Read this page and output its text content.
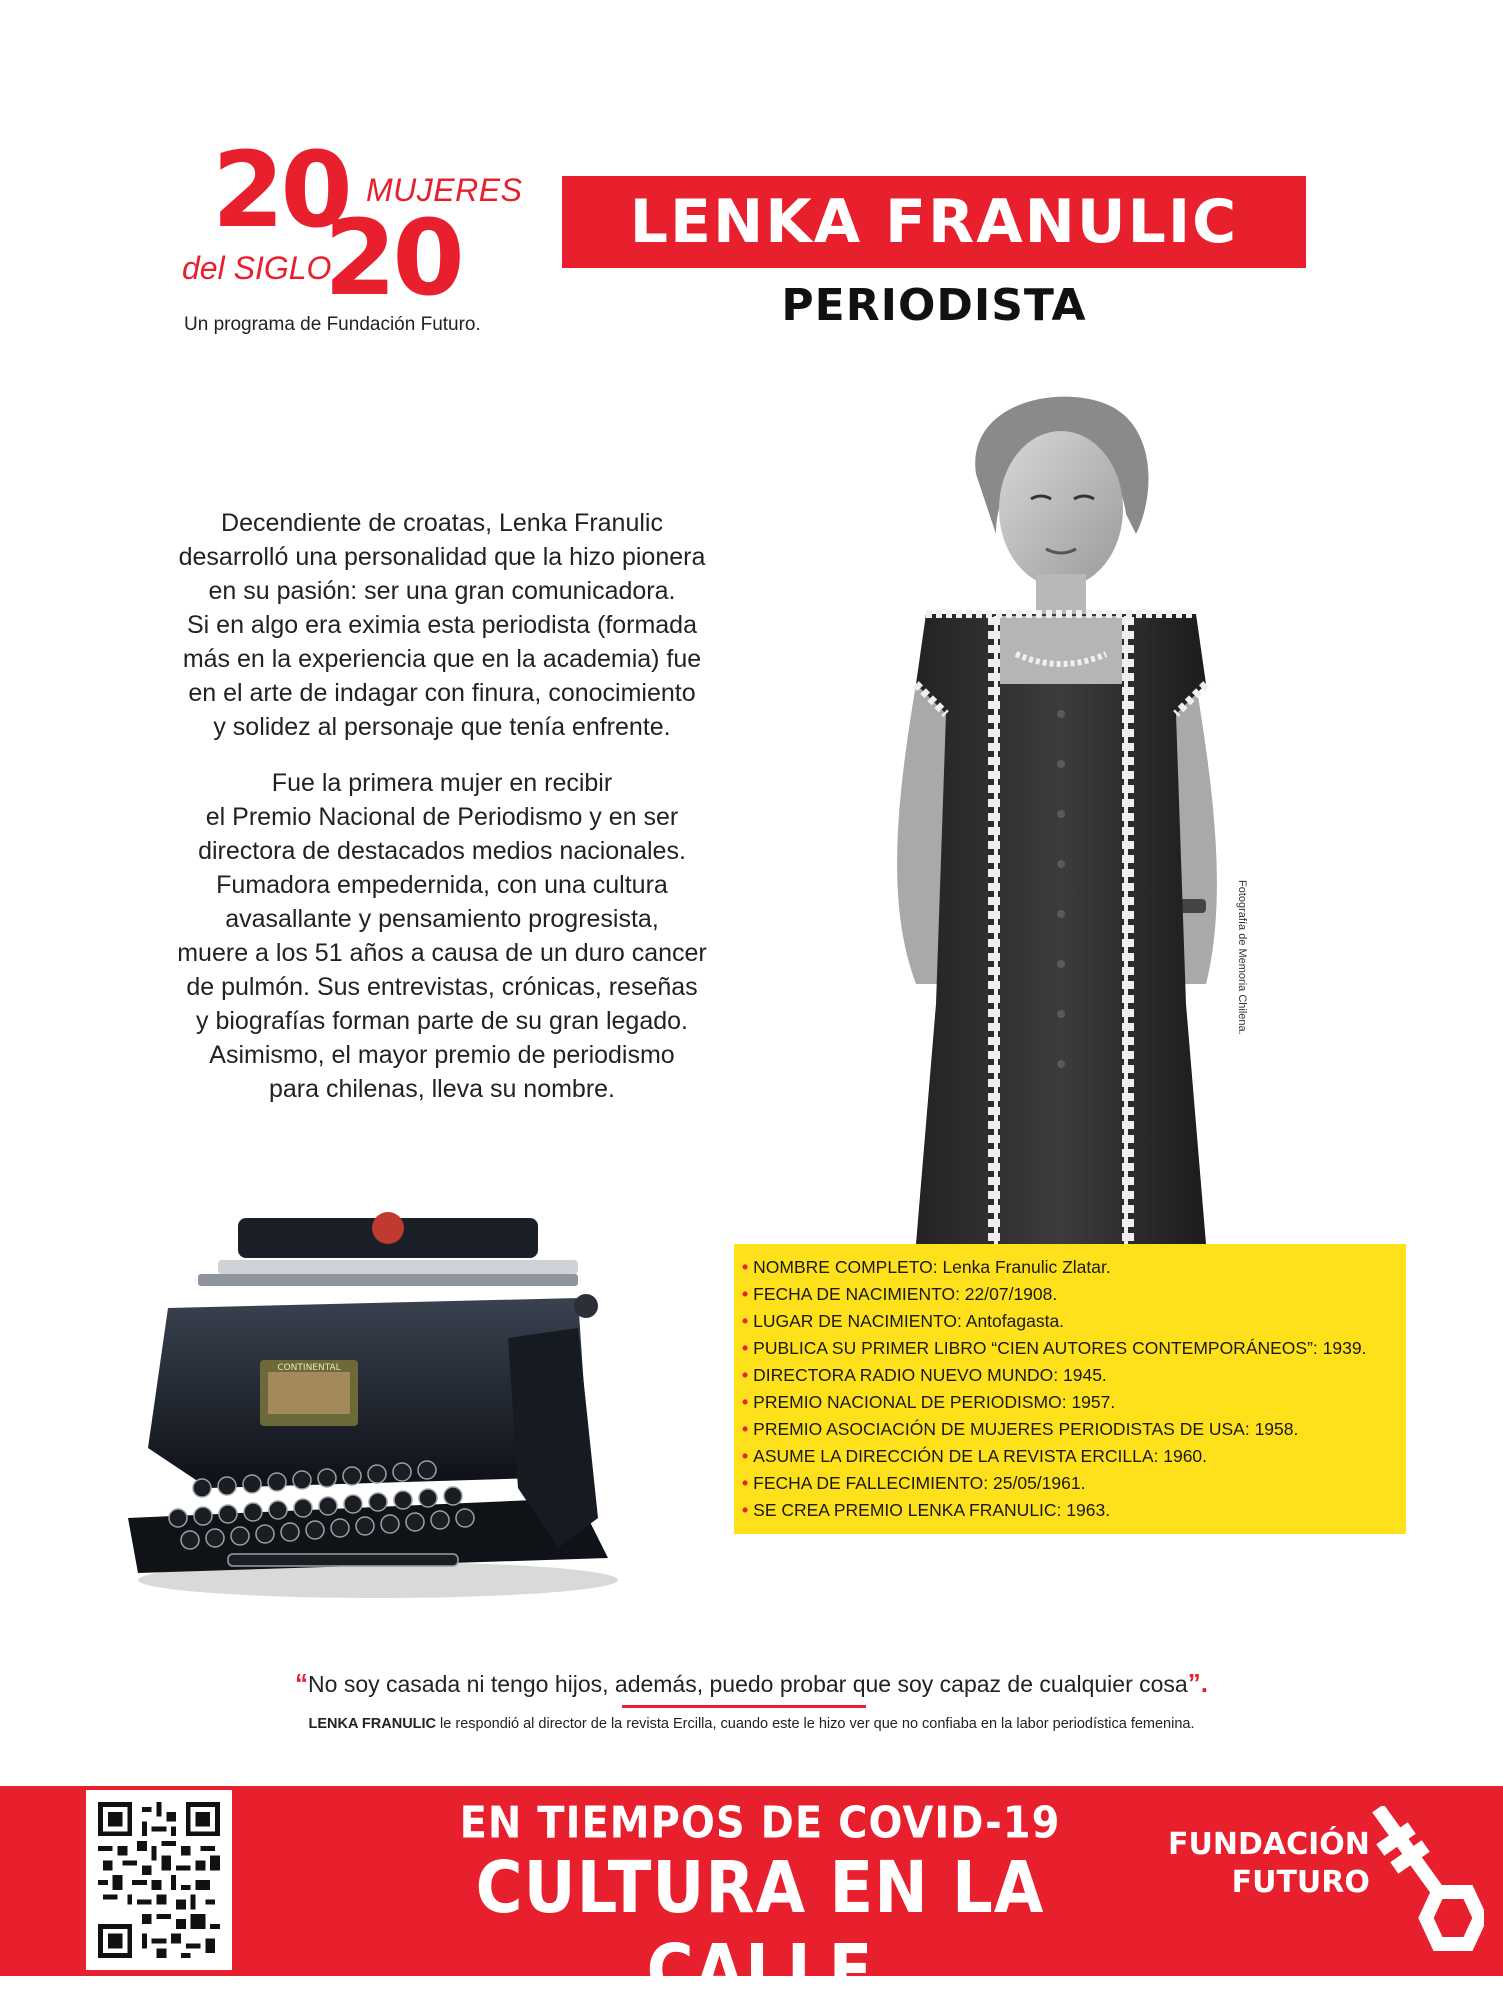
20 MUJERES
del SIGLO
20
Un programa de Fundación Futuro.
LENKA FRANULIC
PERIODISTA
Decendiente de croatas, Lenka Franulic
desarrolló una personalidad que la hizo pionera
en su pasión: ser una gran comunicadora.
Si en algo era eximia esta periodista (formada
más en la experiencia que en la academia) fue
en el arte de indagar con finura, conocimiento
y solidez al personaje que tenía enfrente.
Fue la primera mujer en recibir
el Premio Nacional de Periodismo y en ser
directora de destacados medios nacionales.
Fumadora empedernida, con una cultura
avasallante y pensamiento progresista,
muere a los 51 años a causa de un duro cancer
de pulmón. Sus entrevistas, crónicas, reseñas
y biografías forman parte de su gran legado.
Asimismo, el mayor premio de periodismo
para chilenas, lleva su nombre.
Fotografía de Memoria Chilena.
• NOMBRE COMPLETO: Lenka Franulic Zlatar.
• FECHA DE NACIMIENTO: 22/07/1908.
• LUGAR DE NACIMIENTO: Antofagasta.
• PUBLICA SU PRIMER LIBRO “CIEN AUTORES CONTEMPORÁNEOS”: 1939.
• DIRECTORA RADIO NUEVO MUNDO: 1945.
• PREMIO NACIONAL DE PERIODISMO: 1957.
• PREMIO ASOCIACIÓN DE MUJERES PERIODISTAS DE USA: 1958.
• ASUME LA DIRECCIÓN DE LA REVISTA ERCILLA: 1960.
• FECHA DE FALLECIMIENTO: 25/05/1961.
• SE CREA PREMIO LENKA FRANULIC: 1963.
CONTINENTAL
“No soy casada ni tengo hijos, además, puedo probar que soy capaz de cualquier cosa”.
LENKA FRANULIC le respondió al director de la revista Ercilla, cuando este le hizo ver que no confiaba en la labor periodística femenina.
EN TIEMPOS DE COVID-19
CULTURA EN LA CALLE
FUNDACIÓN
FUTURO
